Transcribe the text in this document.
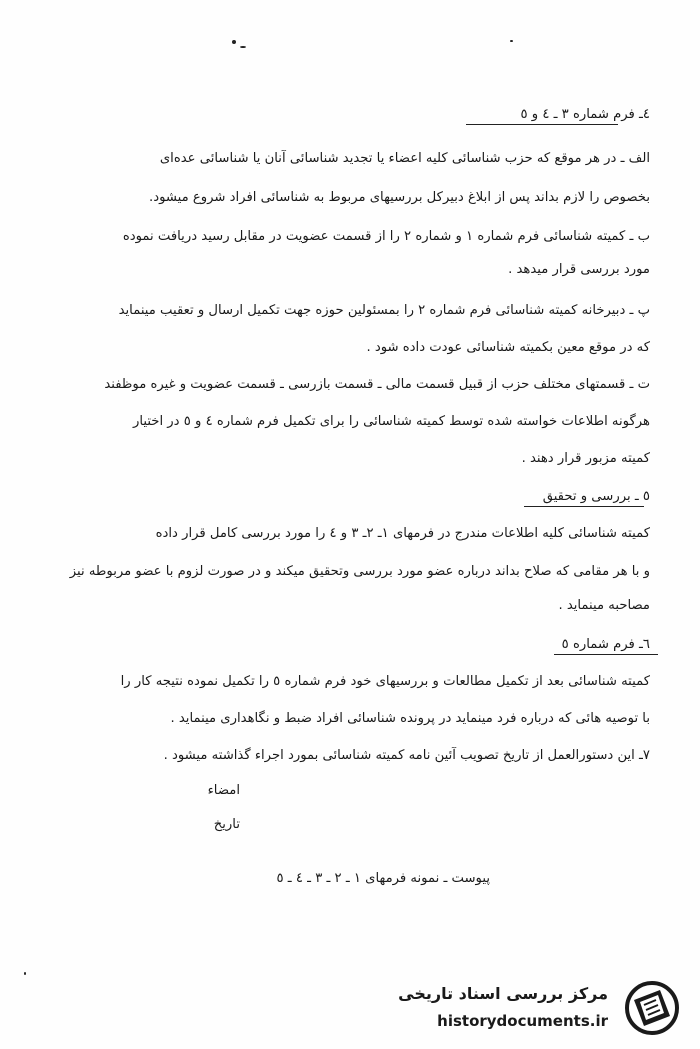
٤ـ فرم شماره ٣ ـ ٤ و ٥
الف ـ در هر موقع که حزب شناسائی کلیه اعضاء یا تجدید شناسائی آنان یا شناسائی عده‌ای
بخصوص را لازم بداند پس از ابلاغ دبیرکل بررسیهای مربوط به شناسائی افراد شروع میشود.
ب ـ کمیته شناسائی فرم شماره ١ و شماره ٢ را از قسمت عضویت در مقابل رسید دریافت نموده
مورد بررسی قرار میدهد .
پ ـ دبیرخانه کمیته شناسائی فرم شماره ٢ را بمسئولین حوزه جهت تکمیل ارسال و تعقیب مینماید
که در موقع معین بکمیته شناسائی عودت داده شود .
ت ـ قسمتهای مختلف حزب از قبیل قسمت مالی ـ قسمت بازرسی ـ قسمت عضویت و غیره موظفند
هرگونه اطلاعات خواسته شده توسط کمیته شناسائی را برای تکمیل فرم شماره ٤ و ٥ در اختیار
کمیته مزبور قرار دهند .
٥ ـ بررسی و تحقیق
کمیته شناسائی کلیه اطلاعات مندرج در فرمهای ١ـ ٢ـ ٣ و ٤ را مورد بررسی کامل قرار داده
و با هر مقامی که صلاح بداند درباره عضو مورد بررسی وتحقیق میکند و در صورت لزوم با عضو مربوطه نیز
مصاحبه مینماید .
٦ـ فرم شماره ٥
کمیته شناسائی بعد از تکمیل مطالعات و بررسیهای خود فرم شماره ٥ را تکمیل نموده نتیجه کار را
با توصیه هائی که درباره فرد مینماید در پرونده شناسائی افراد ضبط و نگاهداری مینماید .
٧ـ این دستورالعمل از تاریخ تصویب آئین نامه کمیته شناسائی بمورد اجراء گذاشته میشود .
امضاء
تاریخ
پیوست ـ نمونه فرمهای ١ ـ ٢ ـ ٣ ـ ٤ ـ ٥
مرکز بررسی اسناد تاریخی
historydocuments.ir
